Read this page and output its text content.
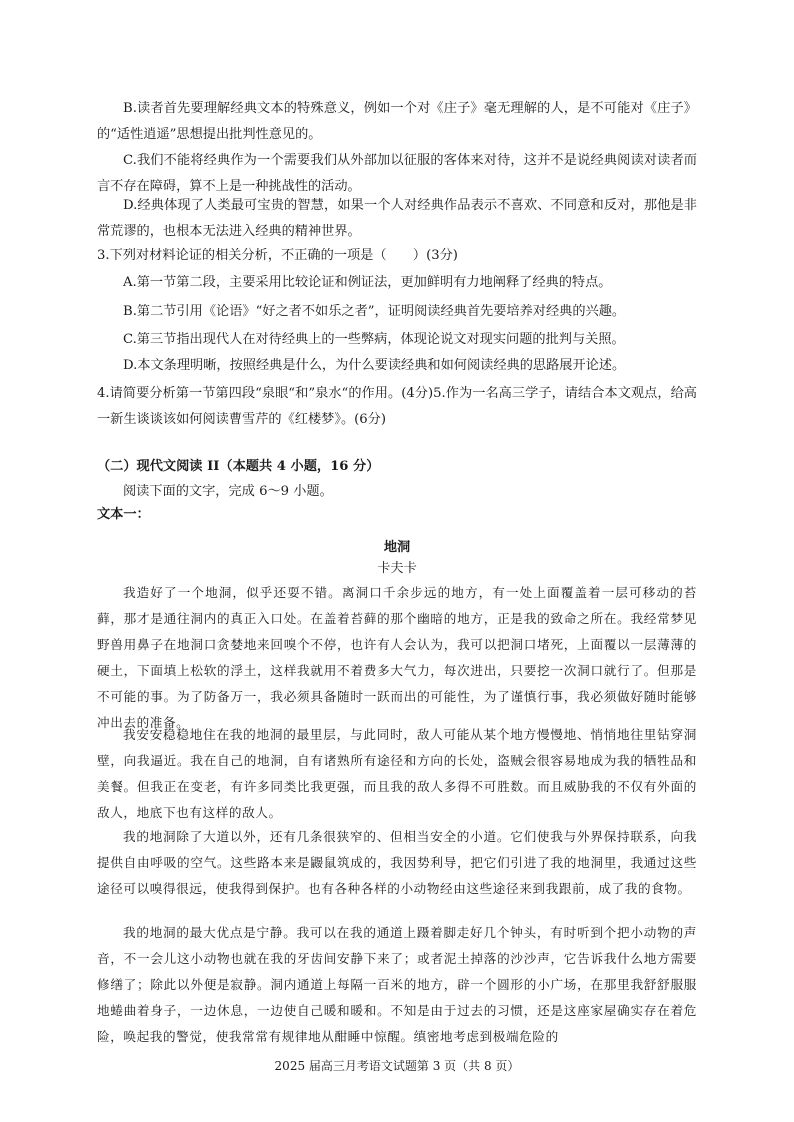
B.读者首先要理解经典文本的特殊意义，例如一个对《庄子》毫无理解的人，是不可能对《庄子》的“适性逍遥”思想提出批判性意见的。

C.我们不能将经典作为一个需要我们从外部加以征服的客体来对待，这并不是说经典阅读对读者而言不存在障碍，算不上是一种挑战性的活动。

D.经典体现了人类最可宝贵的智慧，如果一个人对经典作品表示不喜欢、不同意和反对，那他是非常荒谬的，也根本无法进入经典的精神世界。

3.下列对材料论证的相关分析，不正确的一项是（　　）(3分)

A.第一节第二段，主要采用比较论证和例证法，更加鲜明有力地阐释了经典的特点。

B.第二节引用《论语》“好之者不如乐之者”，证明阅读经典首先要培养对经典的兴趣。

C.第三节指出现代人在对待经典上的一些弊病，体现论说文对现实问题的批判与关照。

D.本文条理明晰，按照经典是什么，为什么要读经典和如何阅读经典的思路展开论述。

4.请简要分析第一节第四段“泉眼“和”泉水“的作用。(4分)5.作为一名高三学子，请结合本文观点，给高一新生谈谈该如何阅读曹雪芹的《红楼梦》。(6分)

（二）现代文阅读 II（本题共 4 小题，16 分）

阅读下面的文字，完成 6～9 小题。

文本一：

地洞

卡夫卡

我造好了一个地洞，似乎还耍不错。离洞口千余步远的地方，有一处上面覆盖着一层可移动的苔藓，那才是通往洞内的真正入口处。在盖着苔藓的那个幽暗的地方，正是我的致命之所在。我经常梦见野兽用鼻子在地洞口贪婪地来回嗅个不停，也许有人会认为，我可以把洞口堵死，上面覆以一层薄薄的硬土，下面填上松软的浮土，这样我就用不着费多大气力，每次进出，只要挖一次洞口就行了。但那是不可能的事。为了防备万一，我必须具备随时一跃而出的可能性，为了谨慎行事，我必须做好随时能够冲出去的准备。

我安安稳稳地住在我的地洞的最里层，与此同时，敌人可能从某个地方慢慢地、悄悄地往里钻穿洞壁，向我逼近。我在自己的地洞，自有诸熟所有途径和方向的长处，盗贼会很容易地成为我的牺牲品和美餐。但我正在变老，有许多同类比我更强，而且我的敌人多得不可胜数。而且威胁我的不仅有外面的敌人，地底下也有这样的敌人。

我的地洞除了大道以外，还有几条很狭窄的、但相当安全的小道。它们使我与外界保持联系，向我提供自由呼吸的空气。这些路本来是鼹鼠筑成的，我因势利导，把它们引进了我的地洞里，我通过这些途径可以嗅得很远，使我得到保护。也有各种各样的小动物经由这些途径来到我跟前，成了我的食物。

我的地洞的最大优点是宁静。我可以在我的通道上蹑着脚走好几个钟头，有时听到个把小动物的声音，不一会儿这小动物也就在我的牙齿间安静下来了；或者泥土掉落的沙沙声，它告诉我什么地方需要修缮了；除此以外便是寂静。洞内通道上每隔一百米的地方，辟一个圆形的小广场，在那里我舒舒服服地蜷曲着身子，一边休息，一边使自己暖和暖和。不知是由于过去的习惯，还是这座家屋确实存在着危险，唤起我的警觉，使我常常有规律地从酣睡中惊醒。缜密地考虑到极端危险的

2025 届高三月考语文试题第 3 页（共 8 页）
